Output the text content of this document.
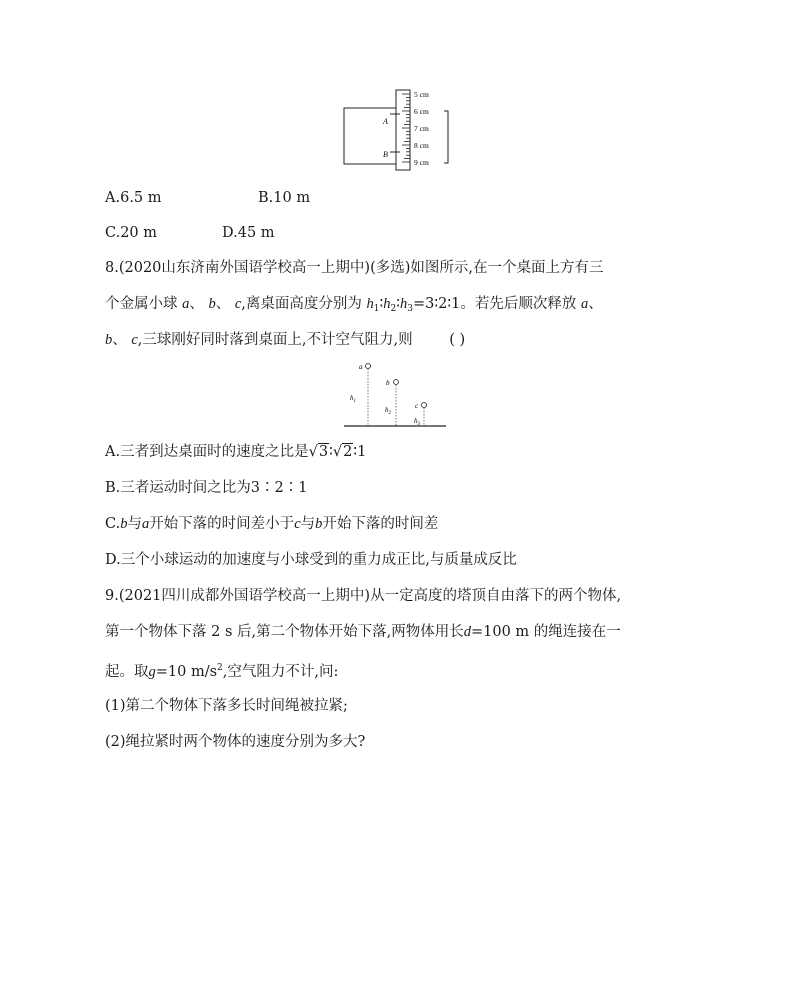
A
B
5 cm
6 cm
7 cm
8 cm
9 cm
A.6.5 m	B.10 m
C.20 m	D.45 m
8.(2020山东济南外国语学校高一上期中)(多选)如图所示,在一个桌面上方有三
个金属小球 a、 b、 c,离桌面高度分别为 $h_1∶h_2∶h_3=3∶2∶1$。若先后顺次释放 a、
b、 c,三球刚好同时落到桌面上,不计空气阻力,则	( )
a
$h_1$
b
$h_2$
c
$h_3$
A.三者到达桌面时的速度之比是√3∶√2∶1
B.三者运动时间之比为3∶2∶1
C.b与a开始下落的时间差小于c与b开始下落的时间差
D.三个小球运动的加速度与小球受到的重力成正比,与质量成反比
9.(2021四川成都外国语学校高一上期中)从一定高度的塔顶自由落下的两个物体,
第一个物体下落 2 s 后,第二个物体开始下落,两物体用长d=100 m 的绳连接在一
起。取g=10 $m/s^2$,空气阻力不计,问:
(1)第二个物体下落多长时间绳被拉紧;
(2)绳拉紧时两个物体的速度分别为多大?
